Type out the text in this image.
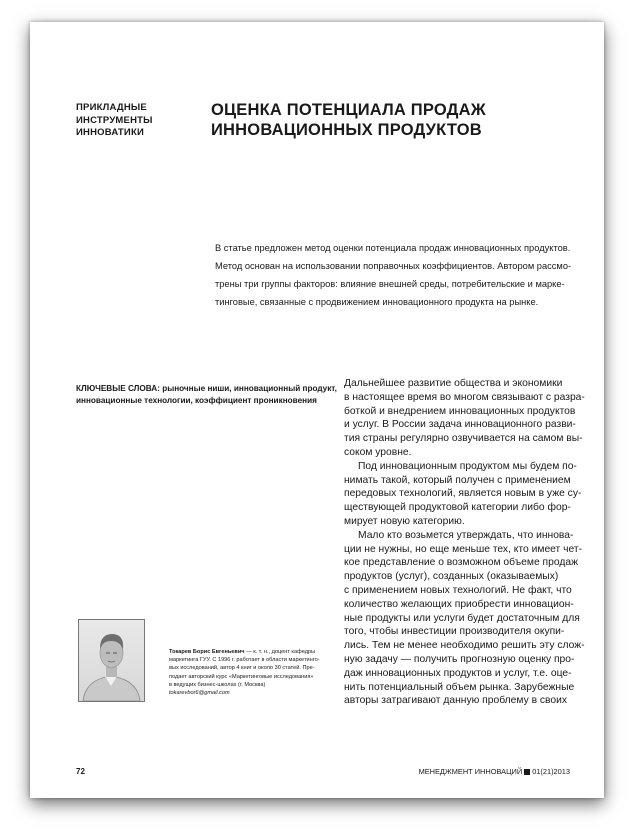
ПРИКЛАДНЫЕ
ИНСТРУМЕНТЫ
ИННОВАТИКИ
ОЦЕНКА ПОТЕНЦИАЛА ПРОДАЖ
ИННОВАЦИОННЫХ ПРОДУКТОВ
В статье предложен метод оценки потенциала продаж инновационных продуктов.
Метод основан на использовании поправочных коэффициентов. Автором рассмо-
трены три группы факторов: влияние внешней среды, потребительские и марке-
тинговые, связанные с продвижением инновационного продукта на рынке.
КЛЮЧЕВЫЕ СЛОВА: рыночные ниши, инновационный продукт,
инновационные технологии, коэффициент проникновения
Дальнейшее развитие общества и экономики
в настоящее время во многом связывают с разра-
боткой и внедрением инновационных продуктов
и услуг. В России задача инновационного разви-
тия страны регулярно озвучивается на самом вы-
соком уровне.
Под инновационным продуктом мы будем по-
нимать такой, который получен с применением
передовых технологий, является новым в уже су-
ществующей продуктовой категории либо фор-
мирует новую категорию.
Мало кто возьмется утверждать, что иннова-
ции не нужны, но еще меньше тех, кто имеет чет-
кое представление о возможном объеме продаж
продуктов (услуг), созданных (оказываемых)
с применением новых технологий. Не факт, что
количество желающих приобрести инновацион-
ные продукты или услуги будет достаточным для
того, чтобы инвестиции производителя окупи-
лись. Тем не менее необходимо решить эту слож-
ную задачу — получить прогнозную оценку про-
даж инновационных продуктов и услуг, т.е. оце-
нить потенциальный объем рынка. Зарубежные
авторы затрагивают данную проблему в своих
Токарев Борис Евгеньевич — к. т. н., доцент кафедры
маркетинга ГУУ. С 1996 г. работает в области маркетинго-
вых исследований, автор 4 книг и около 30 статей. Пре-
подает авторский курс «Маркетинговые исследования»
в ведущих бизнес-школах (г. Москва)
tokarevbor6@gmail.com
72	МЕНЕДЖМЕНТ ИННОВАЦИЙ 01(21)2013
